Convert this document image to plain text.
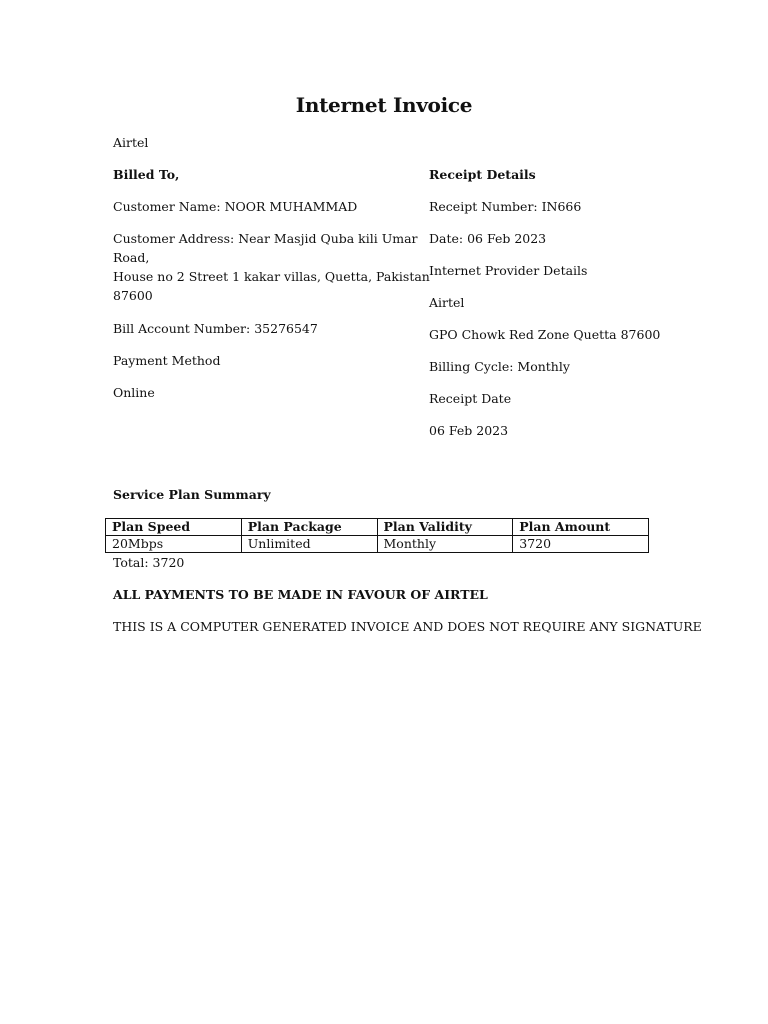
Internet Invoice
Airtel
Billed To,
Customer Name: NOOR MUHAMMAD
Customer Address: Near Masjid Quba kili Umar
Road,
House no 2 Street 1 kakar villas, Quetta, Pakistan
87600
Bill Account Number: 35276547
Payment Method
Online
Receipt Details
Receipt Number: IN666
Date: 06 Feb 2023
Internet Provider Details
Airtel
GPO Chowk Red Zone Quetta 87600
Billing Cycle: Monthly
Receipt Date
06 Feb 2023
Service Plan Summary
Plan Speed	Plan Package	Plan Validity	Plan Amount
20Mbps	Unlimited	Monthly	3720
Total: 3720
ALL PAYMENTS TO BE MADE IN FAVOUR OF AIRTEL
THIS IS A COMPUTER GENERATED INVOICE AND DOES NOT REQUIRE ANY SIGNATURE
